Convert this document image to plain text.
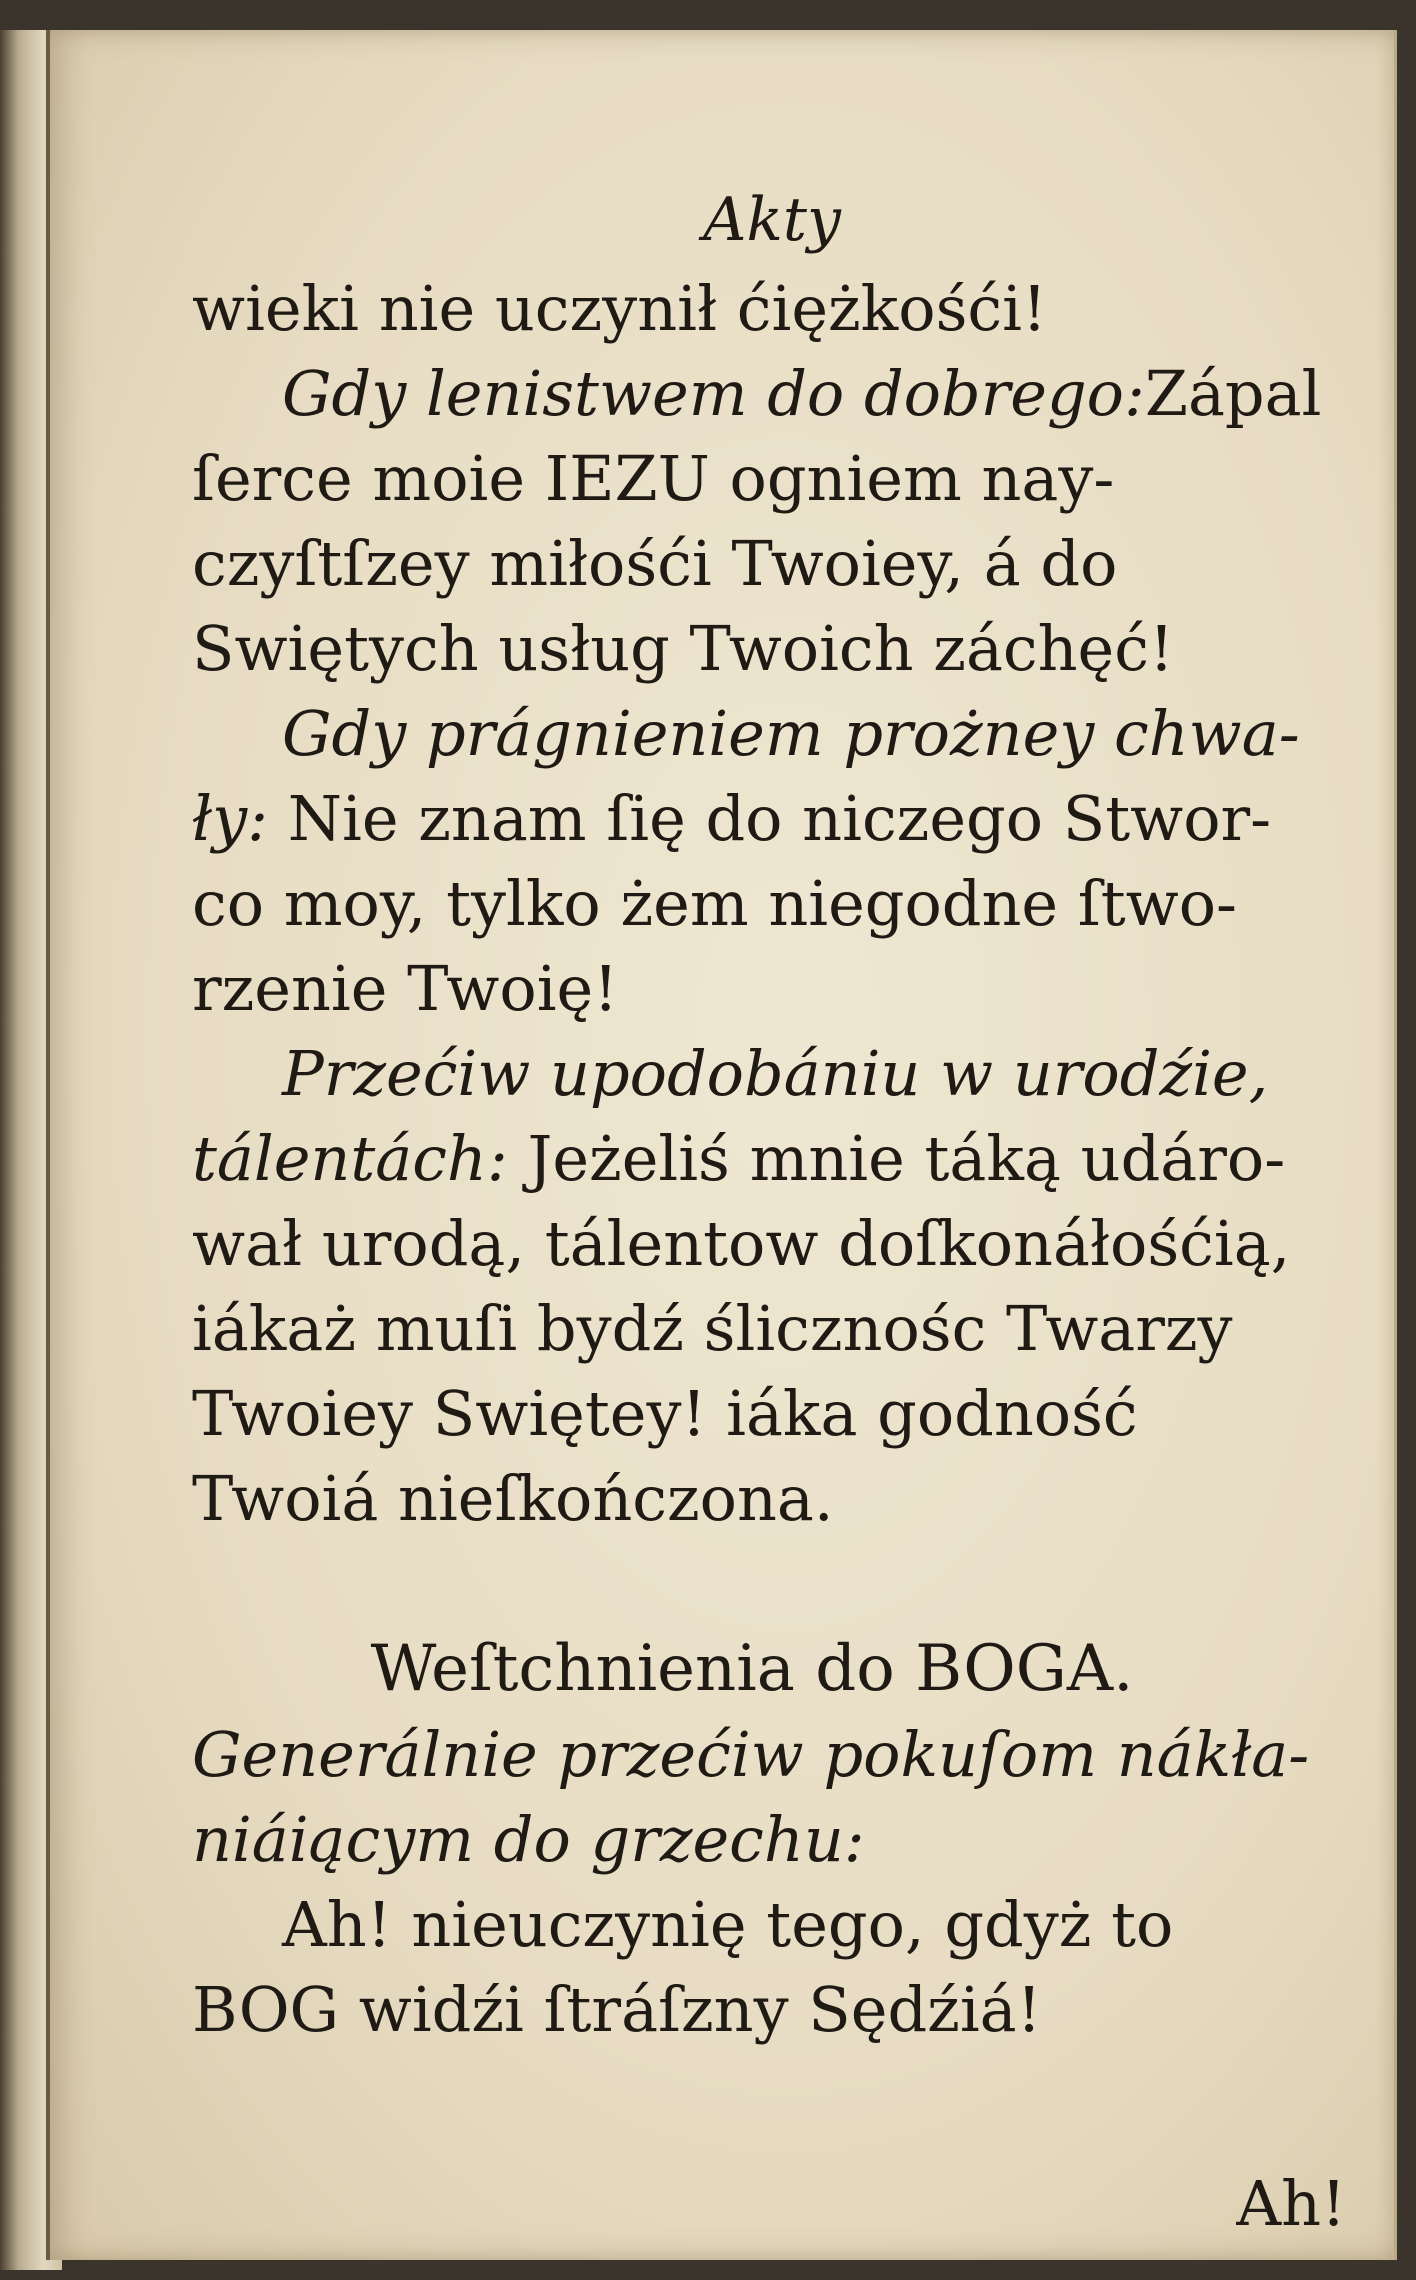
Akty
wieki nie uczynił ćiężkośći!
Gdy lenistwem do dobrego: Zápal
ſerce moie IEZU ogniem nay-
czyſtſzey miłośći Twoiey, á do
Swiętych usług Twoich záchęć!
Gdy prágnieniem prożney chwa-
ły: Nie znam ſię do niczego Stwor-
co moy, tylko żem niegodne ſtwo-
rzenie Twoię!
Przećiw upodobániu w urodźie,
tálentách: Jeżeliś mnie táką udáro-
wał urodą, tálentow doſkonáłośćią,
iákaż muſi bydź ślicznośc Twarzy
Twoiey Swiętey! iáka godność
Twoiá nieſkończona.
Weſtchnienia do BOGA.
Generálnie przećiw pokuſom nákła-
niáiącym do grzechu:
Ah! nieuczynię tego, gdyż to
BOG widźi ſtráſzny Sędźiá!
Ah!
